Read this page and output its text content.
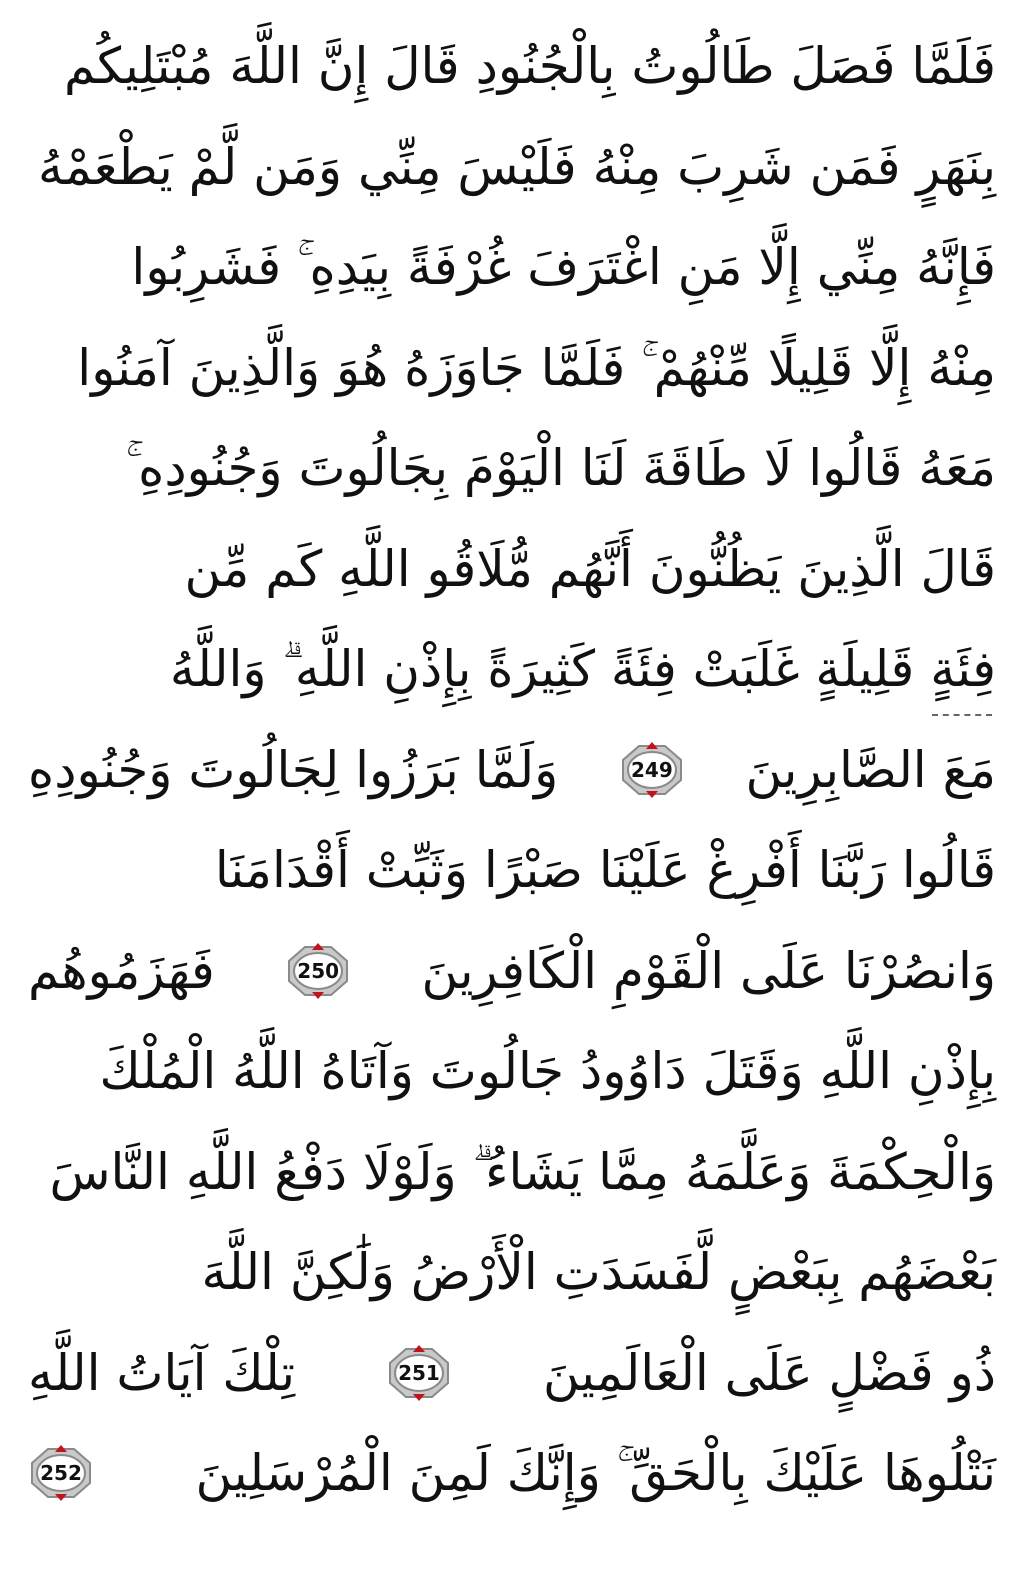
فَلَمَّا فَصَلَ طَالُوتُ بِالْجُنُودِ قَالَ إِنَّ اللَّهَ مُبْتَلِيكُم
بِنَهَرٍ فَمَن شَرِبَ مِنْهُ فَلَيْسَ مِنِّي وَمَن لَّمْ يَطْعَمْهُ
فَإِنَّهُ مِنِّي إِلَّا مَنِ اغْتَرَفَ غُرْفَةً بِيَدِهِ ۚ فَشَرِبُوا
مِنْهُ إِلَّا قَلِيلًا مِّنْهُمْ ۚ فَلَمَّا جَاوَزَهُ هُوَ وَالَّذِينَ آمَنُوا
مَعَهُ قَالُوا لَا طَاقَةَ لَنَا الْيَوْمَ بِجَالُوتَ وَجُنُودِهِ ۚ
قَالَ الَّذِينَ يَظُنُّونَ أَنَّهُم مُّلَاقُو اللَّهِ كَم مِّن
فِئَةٍ قَلِيلَةٍ غَلَبَتْ فِئَةً كَثِيرَةً بِإِذْنِ اللَّهِ ۗ وَاللَّهُ
مَعَ الصَّابِرِينَ
249
وَلَمَّا بَرَزُوا لِجَالُوتَ وَجُنُودِهِ
قَالُوا رَبَّنَا أَفْرِغْ عَلَيْنَا صَبْرًا وَثَبِّتْ أَقْدَامَنَا
وَانصُرْنَا عَلَى الْقَوْمِ الْكَافِرِينَ
250
فَهَزَمُوهُم
بِإِذْنِ اللَّهِ وَقَتَلَ دَاوُودُ جَالُوتَ وَآتَاهُ اللَّهُ الْمُلْكَ
وَالْحِكْمَةَ وَعَلَّمَهُ مِمَّا يَشَاءُ ۗ وَلَوْلَا دَفْعُ اللَّهِ النَّاسَ
بَعْضَهُم بِبَعْضٍ لَّفَسَدَتِ الْأَرْضُ وَلَٰكِنَّ اللَّهَ
ذُو فَضْلٍ عَلَى الْعَالَمِينَ
251
تِلْكَ آيَاتُ اللَّهِ
نَتْلُوهَا عَلَيْكَ بِالْحَقِّ ۚ وَإِنَّكَ لَمِنَ الْمُرْسَلِينَ
252
